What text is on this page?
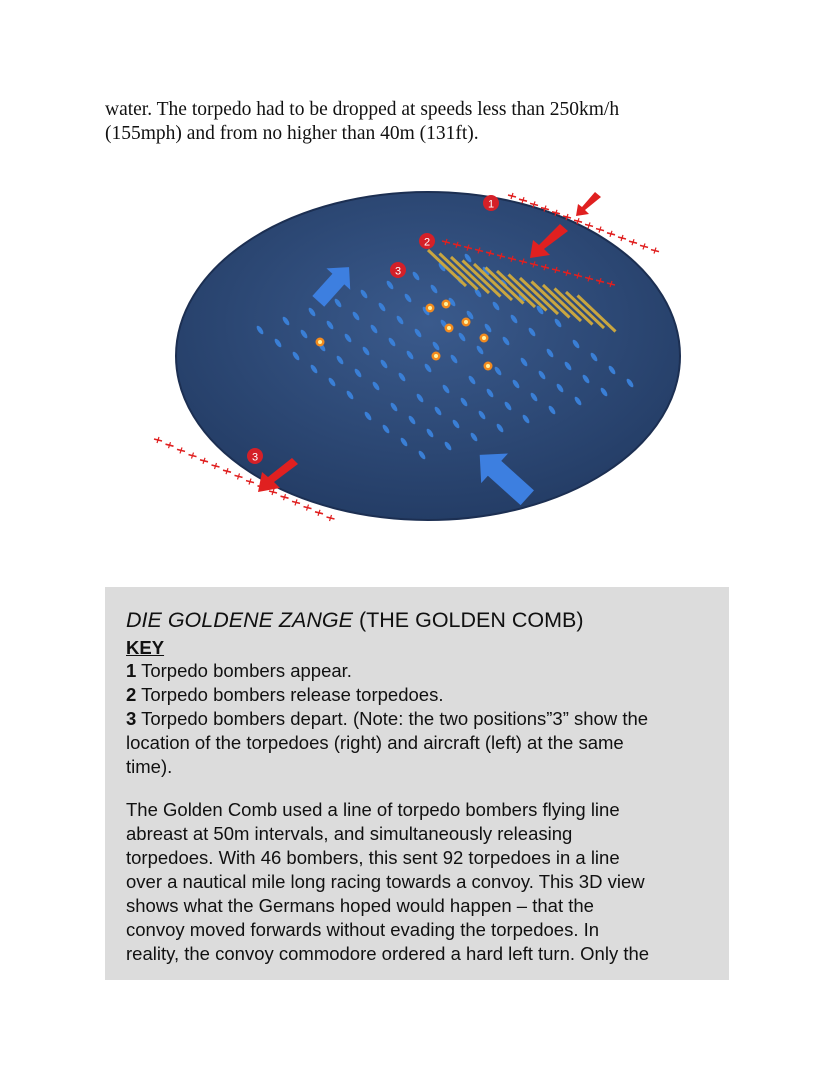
water. The torpedo had to be dropped at speeds less than 250km/h
(155mph) and from no higher than 40m (131ft).
1
2
3
3
DIE GOLDENE ZANGE (THE GOLDEN COMB)
KEY
1 Torpedo bombers appear.
2 Torpedo bombers release torpedoes.
3 Torpedo bombers depart. (Note: the two positions”3” show the
location of the torpedoes (right) and aircraft (left) at the same
time).
The Golden Comb used a line of torpedo bombers flying line
abreast at 50m intervals, and simultaneously releasing
torpedoes. With 46 bombers, this sent 92 torpedoes in a line
over a nautical mile long racing towards a convoy. This 3D view
shows what the Germans hoped would happen – that the
convoy moved forwards without evading the torpedoes. In
reality, the convoy commodore ordered a hard left turn. Only the
